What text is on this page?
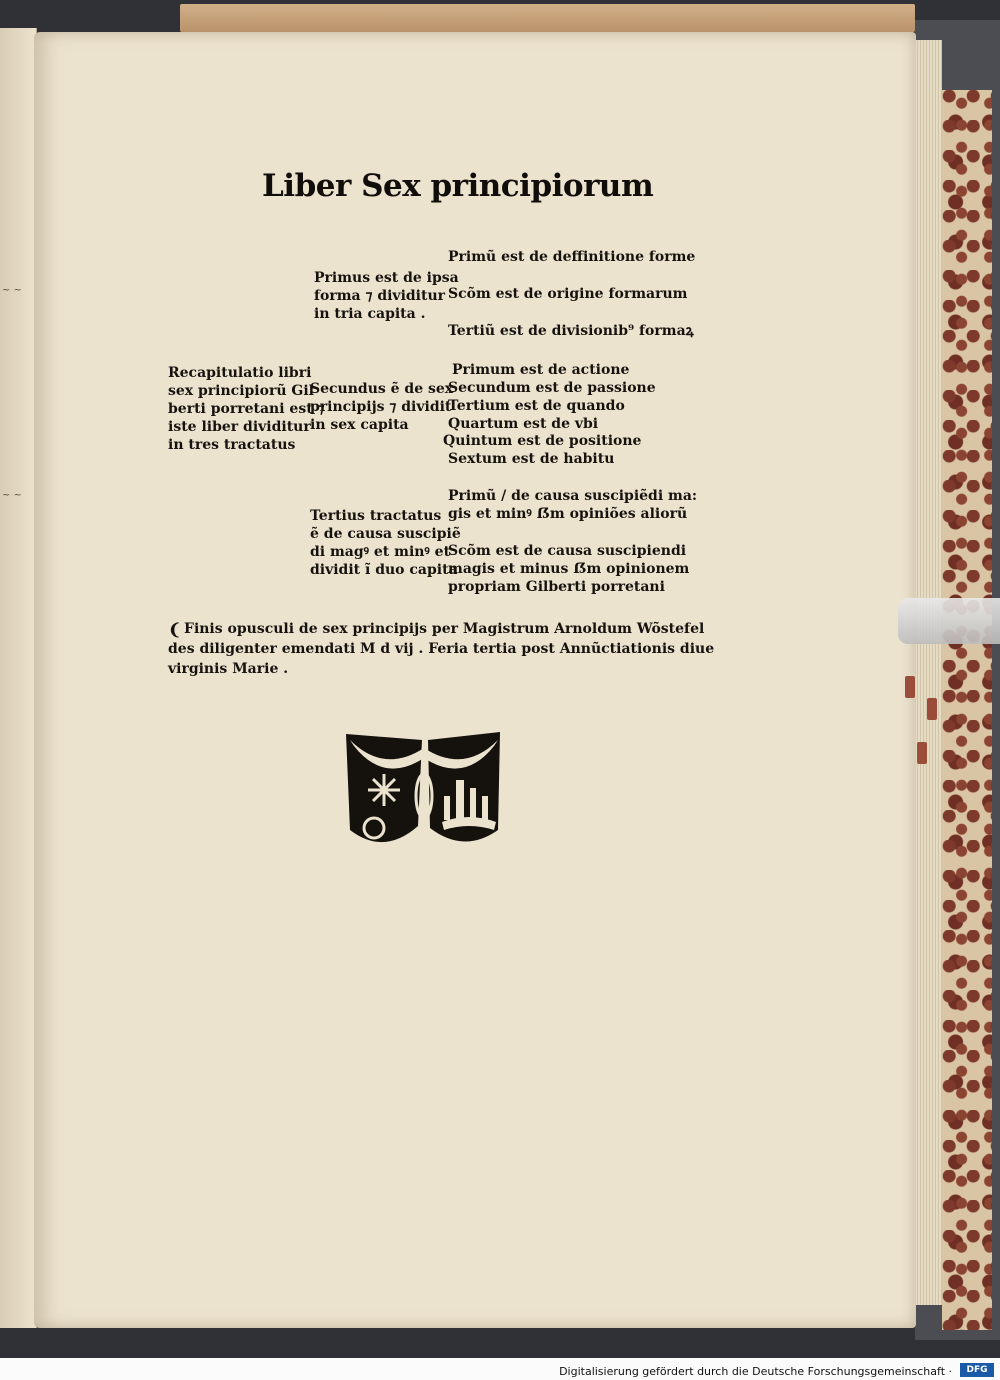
~ ~
~ ~
Liber Sex principiorum
Primus est de ipsa
forma ⁊ dividitur
in tria capita .
Primũ est de deffinitione forme
Scõm est de origine formarum
Tertiũ est de divisionib⁹ formaꝝ
Recapitulatio libri
sex principiorũ Gil
berti porretani est ⁊
iste liber dividitur
in tres tractatus
Secundus ẽ de sex
principijs ⁊ dividit
in sex capita
Primum est de actione
Secundum est de passione
Tertium est de quando
Quartum est de vbi
Quintum est de positione
Sextum est de habitu
Tertius tractatus
ẽ de causa suscipiẽ
di magꝰ et minꝰ et
dividit ĩ duo capita
Primũ / de causa suscipiẽdi ma:
gis et minꝰ ẞm opiniões aliorũ
Scõm est de causa suscipiendi
magis et minus ẞm opinionem
propriam Gilberti porretani
❨ Finis opusculi de sex principijs per Magistrum Arnoldum Wõstefel
des diligenter emendati M d vij . Feria tertia post Annũctiationis diue
virginis Marie .
Digitalisierung gefördert durch die Deutsche Forschungsgemeinschaft ·	DFG
